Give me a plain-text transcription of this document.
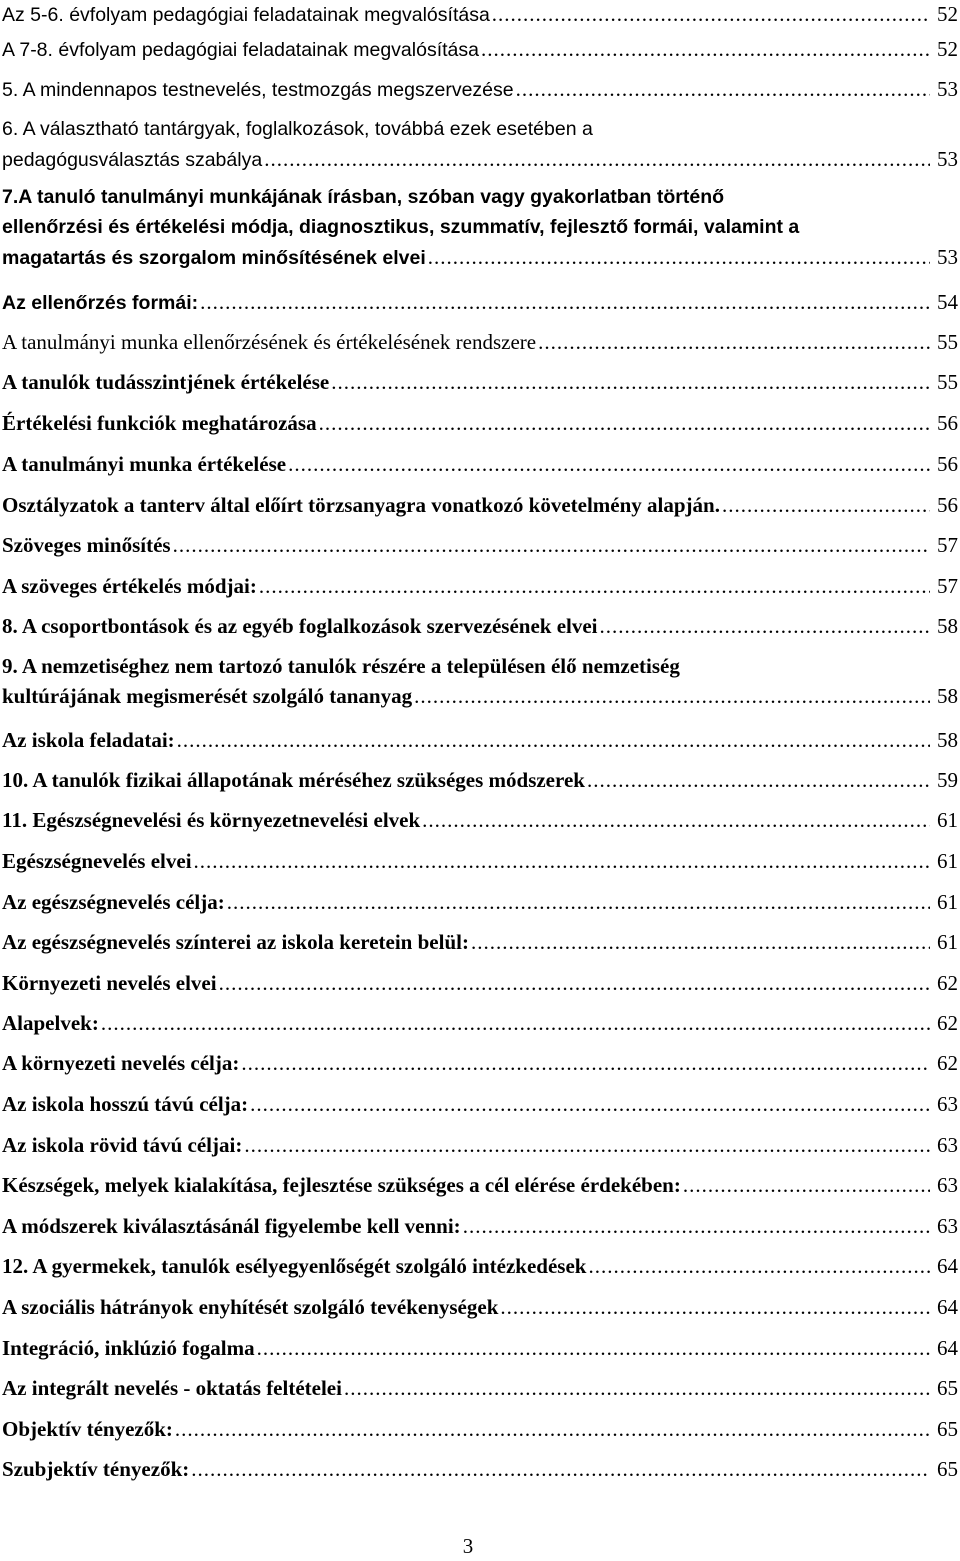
Az 5-6. évfolyam pedagógiai feladatainak megvalósítása .....	52
A 7-8. évfolyam pedagógiai feladatainak megvalósítása .....	52
5. A mindennapos testnevelés, testmozgás megszervezése .....	53
6. A választható tantárgyak, foglalkozások, továbbá ezek esetében a
pedagógusválasztás szabálya .....	53
7.A tanuló tanulmányi munkájának írásban, szóban vagy gyakorlatban történő
ellenőrzési és értékelési módja, diagnosztikus, szummatív, fejlesztő formái, valamint a
magatartás és szorgalom minősítésének elvei .....	53
Az ellenőrzés formái: .....	54
A tanulmányi munka ellenőrzésének és értékelésének rendszere .....	55
A tanulók tudásszintjének értékelése .....	55
Értékelési funkciók meghatározása .....	56
A tanulmányi munka értékelése .....	56
Osztályzatok a tanterv által előírt törzsanyagra vonatkozó követelmény alapján. .....	56
Szöveges minősítés .....	57
A szöveges értékelés módjai: .....	57
8. A csoportbontások és az egyéb foglalkozások szervezésének elvei .....	58
9. A nemzetiséghez nem tartozó tanulók részére a településen élő nemzetiség
kultúrájának megismerését szolgáló tananyag .....	58
Az iskola feladatai: .....	58
10. A tanulók fizikai állapotának méréséhez szükséges módszerek .....	59
11. Egészségnevelési és környezetnevelési elvek .....	61
Egészségnevelés elvei .....	61
Az egészségnevelés célja: .....	61
Az egészségnevelés színterei az iskola keretein belül: .....	61
Környezeti nevelés elvei .....	62
Alapelvek: .....	62
A környezeti nevelés célja: .....	62
Az iskola hosszú távú célja: .....	63
Az iskola rövid távú céljai: .....	63
Készségek, melyek kialakítása, fejlesztése szükséges a cél elérése érdekében: .....	63
A módszerek kiválasztásánál figyelembe kell venni: .....	63
12. A gyermekek, tanulók esélyegyenlőségét szolgáló intézkedések .....	64
A szociális hátrányok enyhítését szolgáló tevékenységek .....	64
Integráció, inklúzió fogalma .....	64
Az integrált nevelés - oktatás feltételei .....	65
Objektív tényezők: .....	65
Szubjektív tényezők: .....	65
3
